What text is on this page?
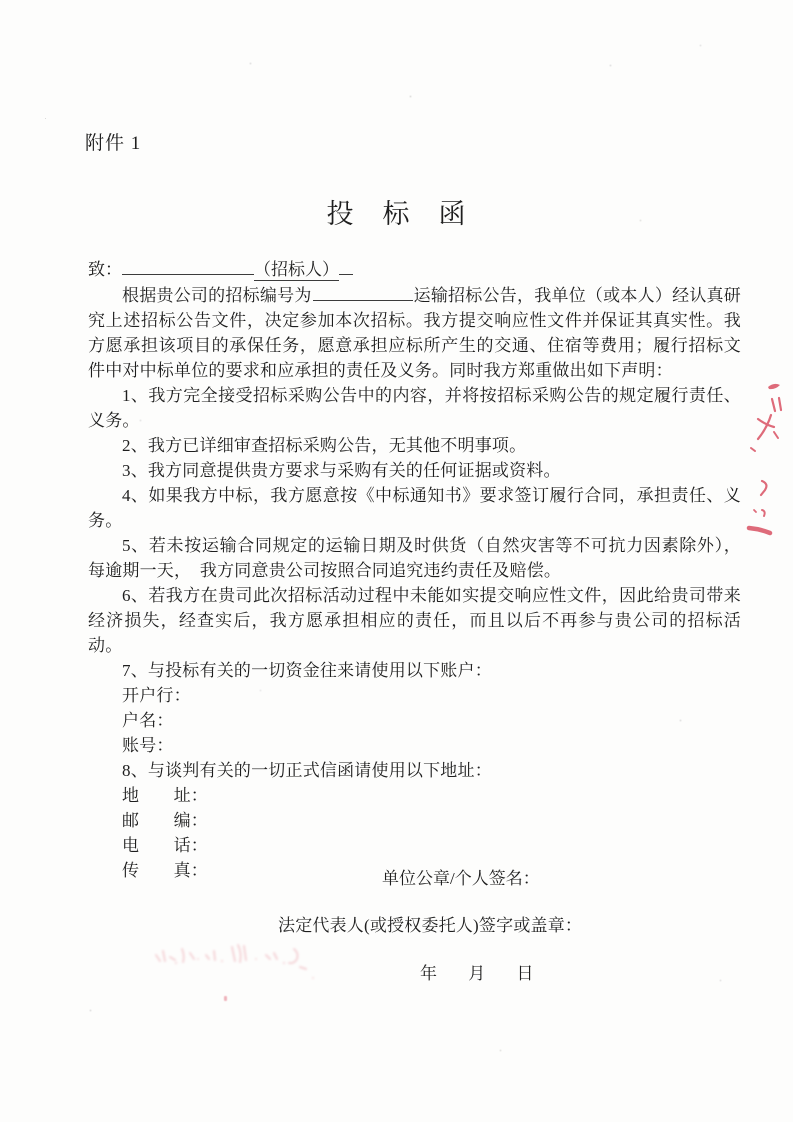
附件 1
投　标　函
致：	（招标人）

根据贵公司的招标编号为	运输招标公告，我单位（或本人）经认真研究上述招标公告文件，决定参加本次招标。我方提交响应性文件并保证其真实性。我方愿承担该项目的承保任务，愿意承担应标所产生的交通、住宿等费用；履行招标文件中对中标单位的要求和应承担的责任及义务。同时我方郑重做出如下声明：

1、我方完全接受招标采购公告中的内容，并将按招标采购公告的规定履行责任、义务。

2、我方已详细审查招标采购公告，无其他不明事项。

3、我方同意提供贵方要求与采购有关的任何证据或资料。

4、如果我方中标，我方愿意按《中标通知书》要求签订履行合同，承担责任、义务。

5、若未按运输合同规定的运输日期及时供货（自然灾害等不可抗力因素除外），每逾期一天，　我方同意贵公司按照合同追究违约责任及赔偿。

6、若我方在贵司此次招标活动过程中未能如实提交响应性文件，因此给贵司带来经济损失，经查实后，我方愿承担相应的责任，而且以后不再参与贵公司的招标活动。

7、与投标有关的一切资金往来请使用以下账户：

开户行：

户名：

账号：

8、与谈判有关的一切正式信函请使用以下地址：

地　　址：

邮　　编：

电　　话：

传　　真：	单位公章/个人签名：
法定代表人(或授权委托人)签字或盖章：
年 月 日
